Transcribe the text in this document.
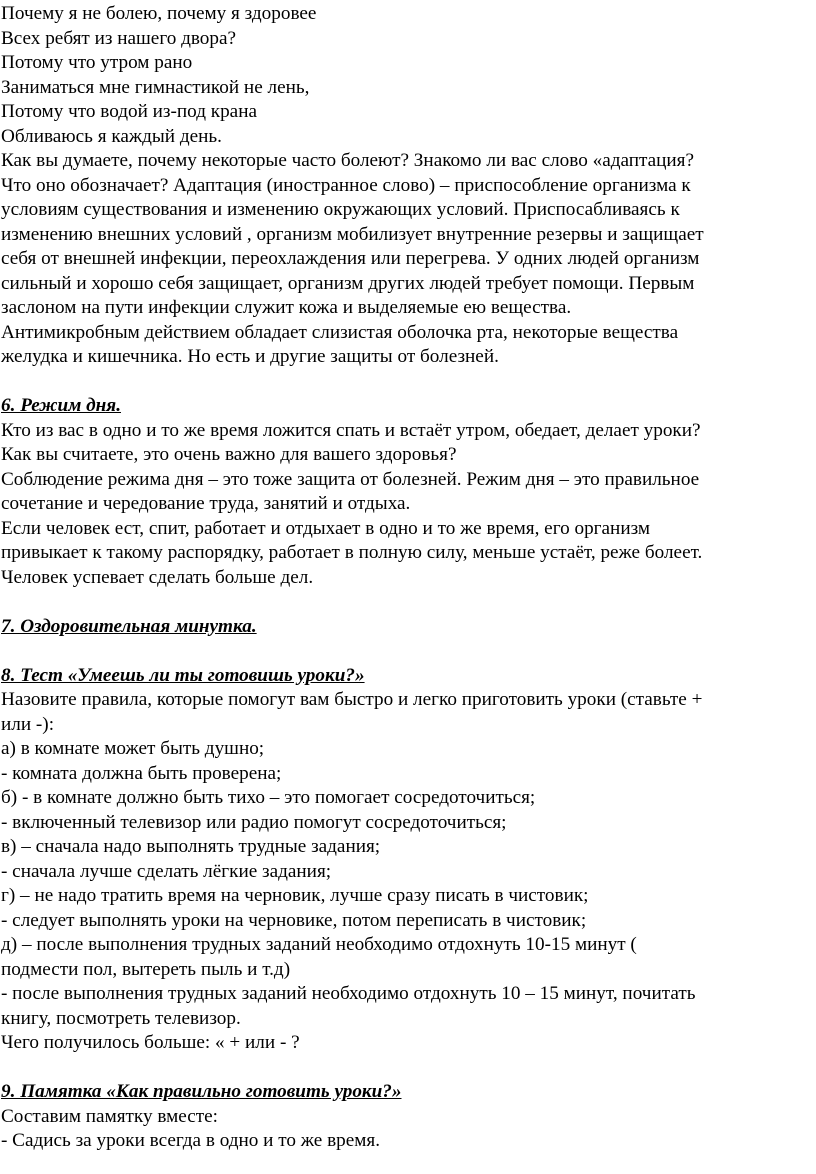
Почему я не болею, почему я здоровее
Всех ребят из нашего двора?
Потому что утром рано
Заниматься мне гимнастикой не лень,
Потому что водой из-под крана
Обливаюсь я каждый день.
Как вы думаете, почему некоторые часто болеют? Знакомо ли вас слово «адаптация?
Что оно обозначает? Адаптация (иностранное слово) – приспособление организма к
условиям существования и изменению окружающих условий. Приспосабливаясь к
изменению внешних условий , организм мобилизует внутренние резервы и защищает
себя от внешней инфекции, переохлаждения или перегрева. У одних людей организм
сильный и хорошо себя защищает, организм других людей требует помощи. Первым
заслоном на пути инфекции служит кожа и выделяемые ею вещества.
Антимикробным действием обладает слизистая оболочка рта, некоторые вещества
желудка и кишечника. Но есть и другие защиты от болезней.
6. Режим дня.
Кто из вас в одно и то же время ложится спать и встаёт утром, обедает, делает уроки?
Как вы считаете, это очень важно для вашего здоровья?
Соблюдение режима дня – это тоже защита от болезней. Режим дня – это правильное
сочетание и чередование труда, занятий и отдыха.
Если человек ест, спит, работает и отдыхает в одно и то же время, его организм
привыкает к такому распорядку, работает в полную силу, меньше устаёт, реже болеет.
Человек успевает сделать больше дел.
7. Оздоровительная минутка.
8. Тест «Умеешь ли ты готовишь уроки?»
Назовите правила, которые помогут вам быстро и легко приготовить уроки (ставьте +
или -):
а) в комнате может быть душно;
- комната должна быть проверена;
б) - в комнате должно быть тихо – это помогает сосредоточиться;
- включенный телевизор или радио помогут сосредоточиться;
в) – сначала надо выполнять трудные задания;
- сначала лучше сделать лёгкие задания;
г) – не надо тратить время на черновик, лучше сразу писать в чистовик;
- следует выполнять уроки на черновике, потом переписать в чистовик;
д) – после выполнения трудных заданий необходимо отдохнуть 10-15 минут (
подмести пол, вытереть пыль и т.д)
- после выполнения трудных заданий необходимо отдохнуть 10 – 15 минут, почитать
книгу, посмотреть телевизор.
Чего получилось больше: « + или - ?
9. Памятка «Как правильно готовить уроки?»
Составим памятку вместе:
- Садись за уроки всегда в одно и то же время.
